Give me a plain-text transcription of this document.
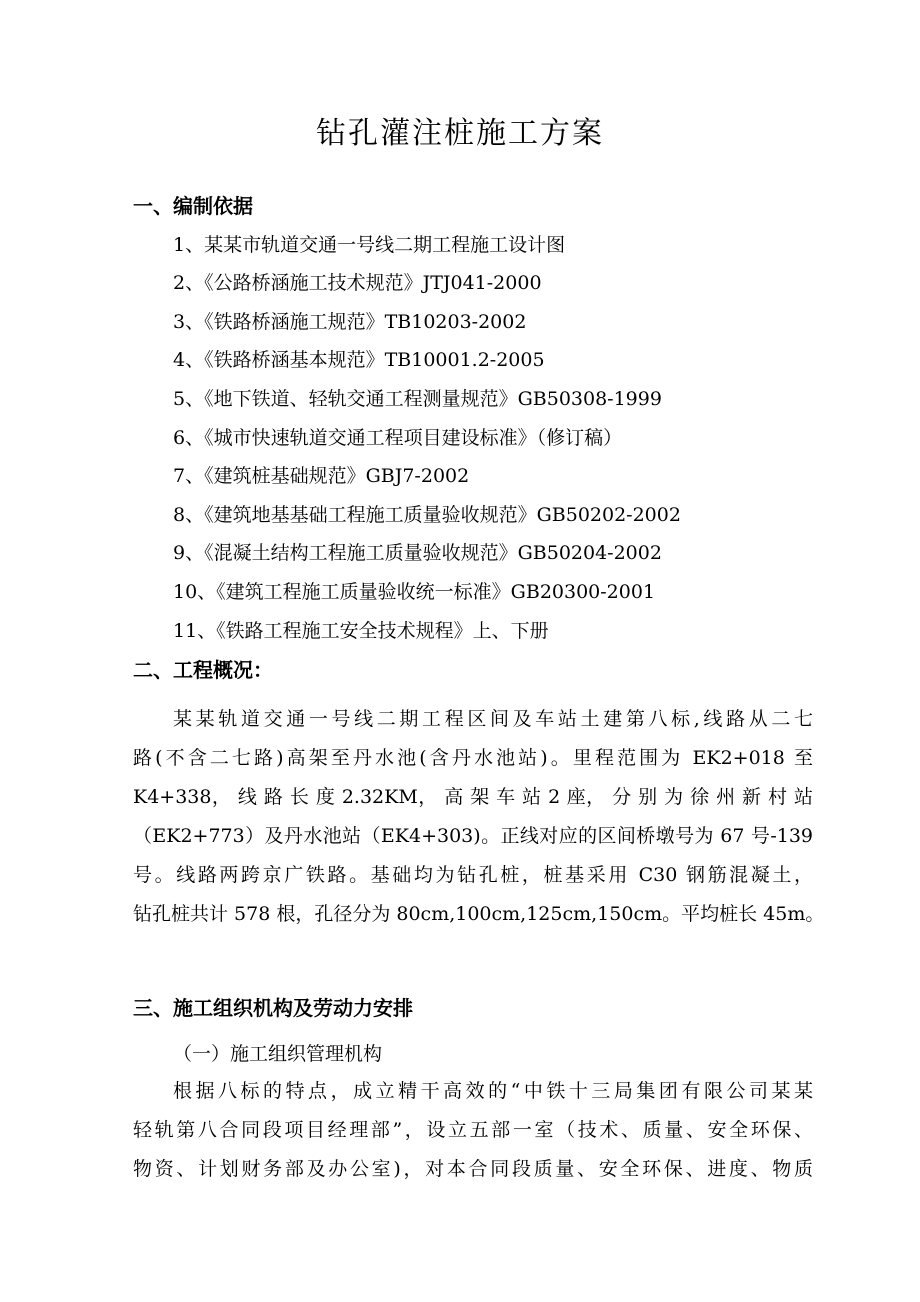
钻孔灌注桩施工方案
一、编制依据
1、某某市轨道交通一号线二期工程施工设计图
2、《公路桥涵施工技术规范》JTJ041-2000
3、《铁路桥涵施工规范》TB10203-2002
4、《铁路桥涵基本规范》TB10001.2-2005
5、《地下铁道、轻轨交通工程测量规范》GB50308-1999
6、《城市快速轨道交通工程项目建设标准》（修订稿）
7、《建筑桩基础规范》GBJ7-2002
8、《建筑地基基础工程施工质量验收规范》GB50202-2002
9、《混凝土结构工程施工质量验收规范》GB50204-2002
10、《建筑工程施工质量验收统一标准》GB20300-2001
11、《铁路工程施工安全技术规程》上、下册
二、工程概况：
某某轨道交通一号线二期工程区间及车站土建第八标,线路从二七
路(不含二七路)高架至丹水池(含丹水池站)。里程范围为 EK2+018 至
K4+338， 线 路 长 度 2.32KM， 高 架 车 站 2 座， 分 别 为 徐 州 新 村 站
（EK2+773）及丹水池站（EK4+303)。正线对应的区间桥墩号为 67 号-139
号。线路两跨京广铁路。基础均为钻孔桩，桩基采用 C30 钢筋混凝土，
钻孔桩共计 578 根，孔径分为 80cm,100cm,125cm,150cm。平均桩长 45m。
三、施工组织机构及劳动力安排
（一）施工组织管理机构
根据八标的特点，成立精干高效的“中铁十三局集团有限公司某某
轻轨第八合同段项目经理部”，设立五部一室（技术、质量、安全环保、
物资、计划财务部及办公室)，对本合同段质量、安全环保、进度、物质
